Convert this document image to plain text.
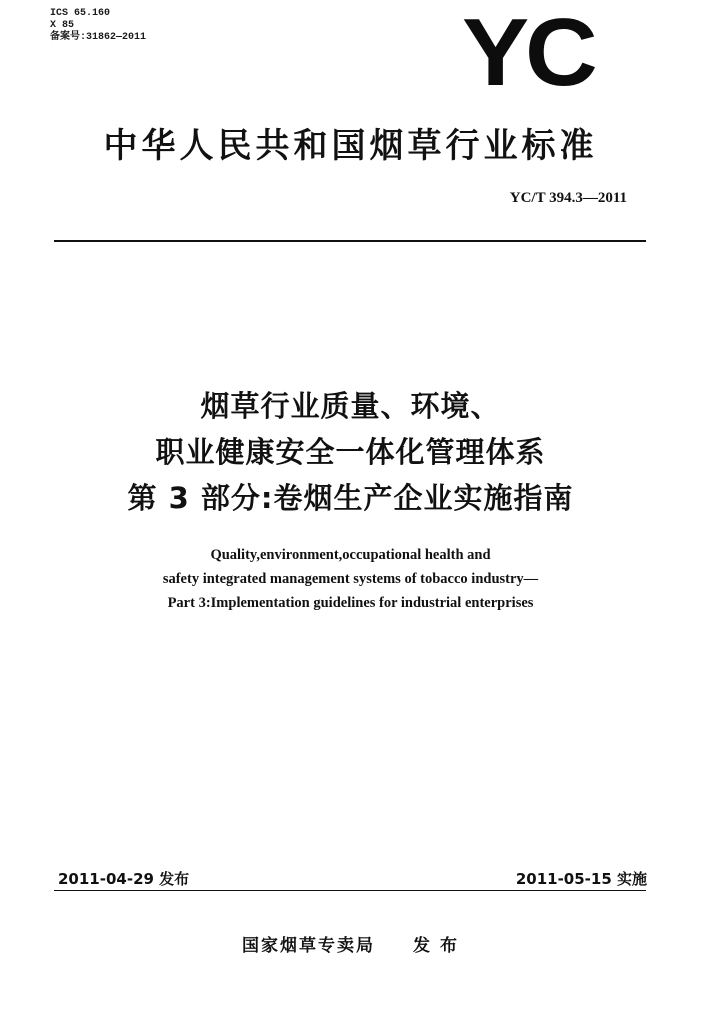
ICS 65.160
X 85
备案号:31862—2011	YC
中华人民共和国烟草行业标准
YC/T 394.3—2011
烟草行业质量、环境、
职业健康安全一体化管理体系
第 3 部分:卷烟生产企业实施指南
Quality,environment,occupational health and
safety integrated management systems of tobacco industry—
Part 3:Implementation guidelines for industrial enterprises
2011-04-29 发布	2011-05-15 实施
国家烟草专卖局 发 布
